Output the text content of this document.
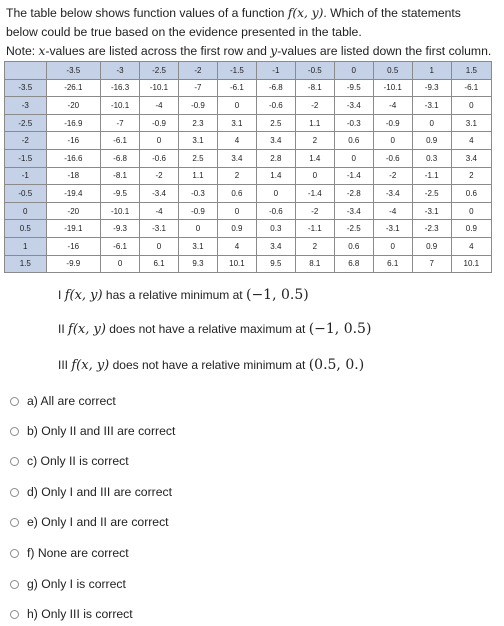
The table below shows function values of a function f(x, y). Which of the statements

below could be true based on the evidence presented in the table.

Note: x-values are listed across the first row and y-values are listed down the first column.

	-3.5	-3	-2.5	-2	-1.5	-1	-0.5	0	0.5	1	1.5
-3.5	-26.1	-16.3	-10.1	-7	-6.1	-6.8	-8.1	-9.5	-10.1	-9.3	-6.1
-3	-20	-10.1	-4	-0.9	0	-0.6	-2	-3.4	-4	-3.1	0
-2.5	-16.9	-7	-0.9	2.3	3.1	2.5	1.1	-0.3	-0.9	0	3.1
-2	-16	-6.1	0	3.1	4	3.4	2	0.6	0	0.9	4
-1.5	-16.6	-6.8	-0.6	2.5	3.4	2.8	1.4	0	-0.6	0.3	3.4
-1	-18	-8.1	-2	1.1	2	1.4	0	-1.4	-2	-1.1	2
-0.5	-19.4	-9.5	-3.4	-0.3	0.6	0	-1.4	-2.8	-3.4	-2.5	0.6
0	-20	-10.1	-4	-0.9	0	-0.6	-2	-3.4	-4	-3.1	0
0.5	-19.1	-9.3	-3.1	0	0.9	0.3	-1.1	-2.5	-3.1	-2.3	0.9
1	-16	-6.1	0	3.1	4	3.4	2	0.6	0	0.9	4
1.5	-9.9	0	6.1	9.3	10.1	9.5	8.1	6.8	6.1	7	10.1
I f(x, y) has a relative minimum at (−1, 0.5)
II f(x, y) does not have a relative maximum at (−1, 0.5)
III f(x, y) does not have a relative minimum at (0.5, 0.)
a) All are correct
b) Only II and III are correct
c) Only II is correct
d) Only I and III are correct
e) Only I and II are correct
f) None are correct
g) Only I is correct
h) Only III is correct
